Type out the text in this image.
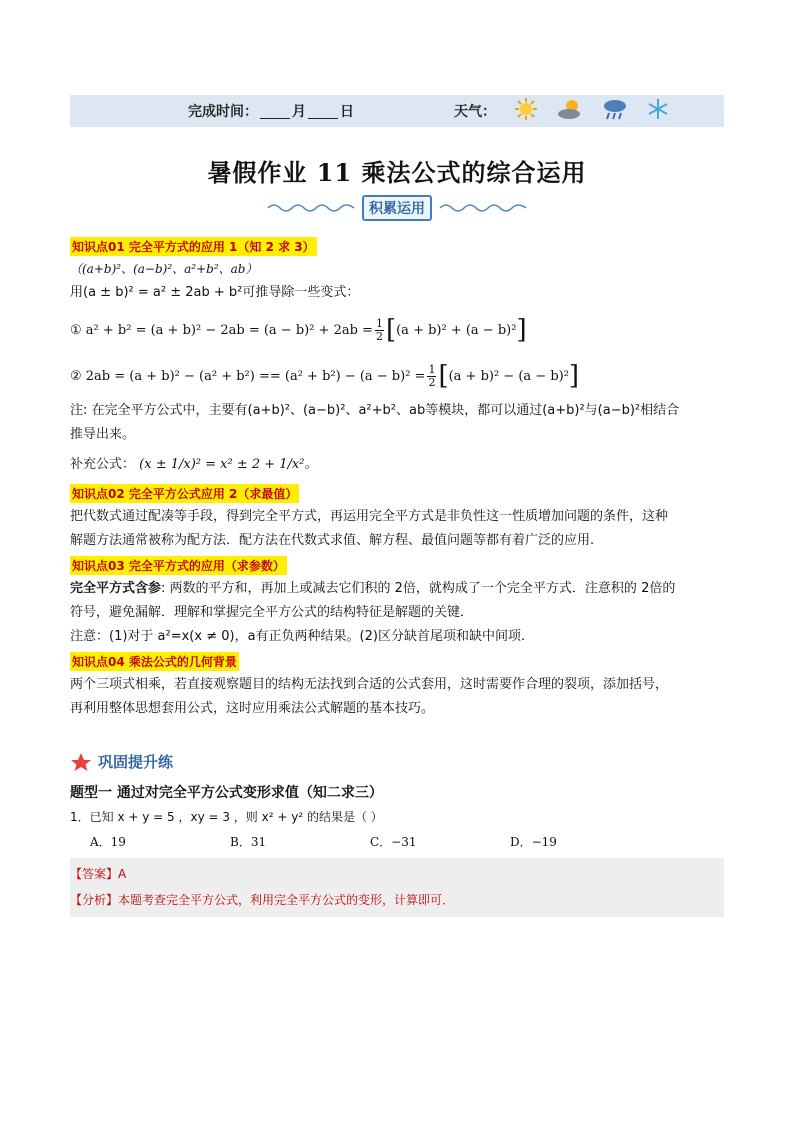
完成时间： 月 日	天气：
暑假作业 11 乘法公式的综合运用
积累运用
知识点01 完全平方式的应用 1（知 2 求 3）
（(a+b)²、(a−b)²、a²+b²、ab）
用(a ± b)² = a² ± 2ab + b²可推导除一些变式：
① $a^2 + b^2 = (a + b)^2 - 2ab = (a - b)^2 + 2ab = \frac{1}{2}$ [ (a + b)² + (a − b)² ]
② $2ab = (a + b)^2 - (a^2 + b^2) == (a^2 + b^2) - (a - b)^2 = \frac{1}{2}$ [ (a + b)² − (a − b)² ]
注: 在完全平方公式中，主要有(a+b)²、(a−b)²、a²+b²、ab等模块，都可以通过(a+b)²与(a−b)²相结合
推导出来。
补充公式： (x ± 1/x)² = x² ± 2 + 1/x²。
知识点02 完全平方公式应用 2（求最值）
把代数式通过配凑等手段，得到完全平方式，再运用完全平方式是非负性这一性质增加问题的条件，这种
解题方法通常被称为配方法．配方法在代数式求值、解方程、最值问题等都有着广泛的应用.
知识点03 完全平方式的应用（求参数）
完全平方式含参: 两数的平方和，再加上或减去它们积的 2倍，就构成了一个完全平方式．注意积的 2倍的
符号，避免漏解．理解和掌握完全平方公式的结构特征是解题的关键．
注意：(1)对于 a²=x(x ≠ 0)，a有正负两种结果。(2)区分缺首尾项和缺中间项.
知识点04 乘法公式的几何背景
两个三项式相乘，若直接观察题目的结构无法找到合适的公式套用，这时需要作合理的裂项，添加括号，
再利用整体思想套用公式，这时应用乘法公式解题的基本技巧。
巩固提升练
题型一 通过对完全平方公式变形求值（知二求三）
1．已知 x + y = 5 ，xy = 3 ，则 x² + y² 的结果是（ ）
A．19	B．31	C．−31	D．−19
【答案】A
【分析】本题考查完全平方公式，利用完全平方公式的变形，计算即可．
